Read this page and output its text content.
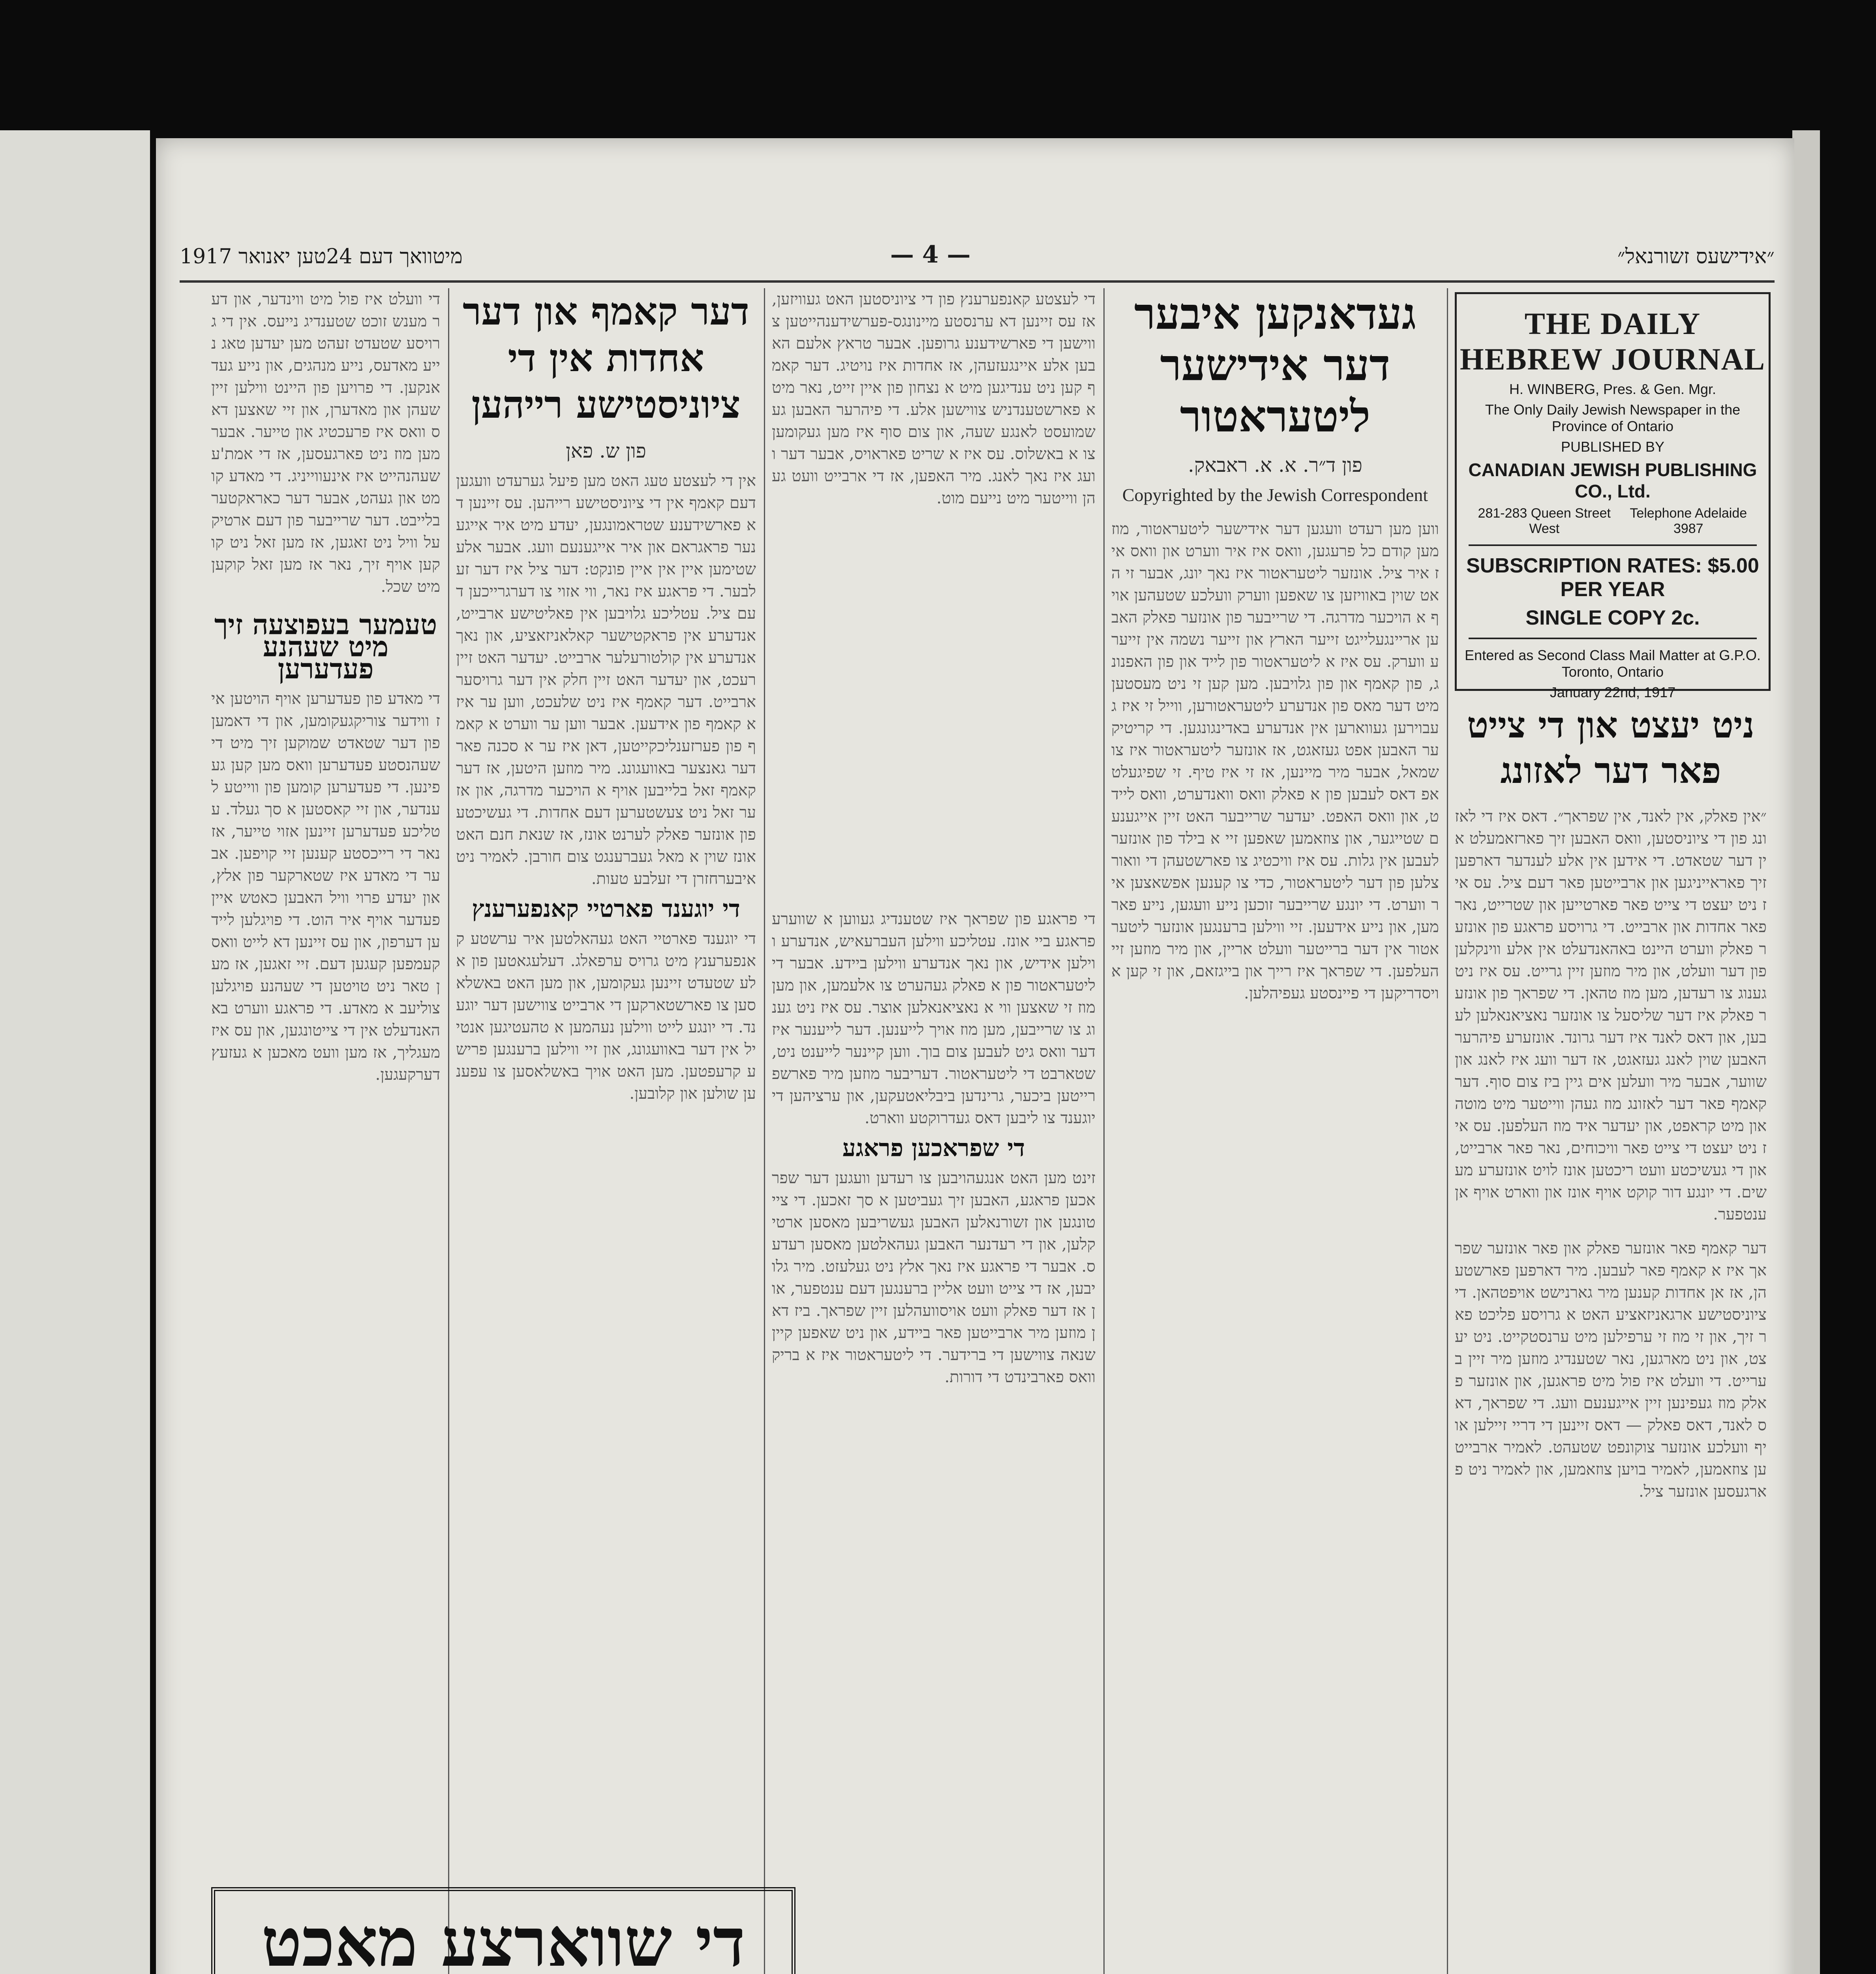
מיטוואך דעם 24טען יאנואר 1917	— 4 —	״אידישעס זשורנאל״
THE DAILY HEBREW JOURNAL
H. WINBERG, Pres. & Gen. Mgr.
The Only Daily Jewish Newspaper in the Province of Ontario
PUBLISHED BY
CANADIAN JEWISH PUBLISHING CO., Ltd.
281-283 Queen Street West
Telephone Adelaide 3987
SUBSCRIPTION RATES: $5.00 PER YEAR
SINGLE COPY 2c.
Entered as Second Class Mail Matter at G.P.O. Toronto, Ontario
January 22nd, 1917
ניט יעצט און די צייט פאר דער לאזונג
״אין פאלק, אין לאנד, אין שפראך״. דאס איז די לאזונג פון די ציוניסטען, וואס האבען זיך פארזאמעלט אין דער שטאדט. די אידען אין אלע לענדער דארפען זיך פאראייניגען און ארבייטען פאר דעם ציל. עס איז ניט יעצט די צייט פאר פארטייען און שטרייט, נאר פאר אחדות און ארבייט. די גרויסע פראגע פון אונזער פאלק ווערט היינט באהאנדעלט אין אלע ווינקלען פון דער וועלט, און מיר מוזען זיין גרייט. עס איז ניט גענוג צו רעדען, מען מוז טהאן. די שפראך פון אונזער פאלק איז דער שליסעל צו אונזער נאציאנאלען לעבען, און דאס לאנד איז דער גרונד. אונזערע פיהרער האבען שוין לאנג געזאגט, אז דער וועג איז לאנג און שווער, אבער מיר וועלען אים גיין ביז צום סוף. דער קאמף פאר דער לאזונג מוז געהן ווייטער מיט מוטה און מיט קראפט, און יעדער איד מוז העלפען. עס איז ניט יעצט די צייט פאר וויכוחים, נאר פאר ארבייט, און די געשיכטע וועט ריכטען אונז לויט אונזערע מעשים. די יונגע דור קוקט אויף אונז און ווארט אויף אן ענטפער.
דער קאמף פאר אונזער פאלק און פאר אונזער שפראך איז א קאמף פאר לעבען. מיר דארפען פארשטעהן, אז אן אחדות קענען מיר גארנישט אויפטהאן. די ציוניסטישע ארגאניזאציע האט א גרויסע פליכט פאר זיך, און זי מוז זי ערפילען מיט ערנסטקייט. ניט יעצט, און ניט מארגען, נאר שטענדיג מוזען מיר זיין בערייט. די וועלט איז פול מיט פראגען, און אונזער פאלק מוז געפינען זיין אייגענעם וועג. די שפראך, דאס לאנד, דאס פאלק — דאס זיינען די דריי זיילען אויף וועלכע אונזער צוקונפט שטעהט. לאמיר ארבייטען צוזאמען, לאמיר בויען צוזאמען, און לאמיר ניט פארגעסען אונזער ציל.
געדאנקען איבער דער אידישער ליטעראטור
פון ד״ר. א. א. ראבאק.
Copyrighted by the Jewish Correspondent
ווען מען רעדט וועגען דער אידישער ליטעראטור, מוז מען קודם כל פרעגען, וואס איז איר ווערט און וואס איז איר ציל. אונזער ליטעראטור איז נאך יונג, אבער זי האט שוין באוויזען צו שאפען ווערק וועלכע שטעהען אויף א הויכער מדרגה. די שרייבער פון אונזער פאלק האבען אריינגעלייגט זייער הארץ און זייער נשמה אין זייערע ווערק. עס איז א ליטעראטור פון לייד און פון האפנונג, פון קאמף און פון גלויבען. מען קען זי ניט מעסטען מיט דער מאס פון אנדערע ליטעראטורען, ווייל זי איז געבוירען געווארען אין אנדערע באדינגונגען. די קריטיקער האבען אפט געזאגט, אז אונזער ליטעראטור איז צו שמאל, אבער מיר מיינען, אז זי איז טיף. זי שפיגעלט אפ דאס לעבען פון א פאלק וואס וואנדערט, וואס ליידט, און וואס האפט. יעדער שרייבער האט זיין אייגענעם שטייגער, און צוזאמען שאפען זיי א בילד פון אונזער לעבען אין גלות. עס איז וויכטיג צו פארשטעהן די וואורצלען פון דער ליטעראטור, כדי צו קענען אפשאצען איר ווערט. די יונגע שרייבער זוכען נייע וועגען, נייע פארמען, און נייע אידעען. זיי ווילען ברענגען אונזער ליטעראטור אין דער ברייטער וועלט אריין, און מיר מוזען זיי העלפען. די שפראך איז רייך און בייגזאם, און זי קען אויסדריקען די פיינסטע געפיהלען.
די פראגע פון שפראך איז שטענדיג געווען א שווערע פראגע ביי אונז. עטליכע ווילען העברעאיש, אנדערע ווילען אידיש, און נאך אנדערע ווילען ביידע. אבער די ליטעראטור פון א פאלק געהערט צו אלעמען, און מען מוז זי שאצען ווי א נאציאנאלען אוצר. עס איז ניט גענוג צו שרייבען, מען מוז אויך לייענען. דער לייענער איז דער וואס גיט לעבען צום בוך. ווען קיינער לייענט ניט, שטארבט די ליטעראטור. דעריבער מוזען מיר פארשפרייטען ביכער, גרינדען ביבליאטעקען, און ערציהען די יוגענד צו ליבען דאס געדרוקטע ווארט.
די שפראכען פראגע
זינט מען האט אנגעהויבען צו רעדען וועגען דער שפראכען פראגע, האבען זיך געביטען א סך זאכען. די צייטונגען און זשורנאלען האבען געשריבען מאסען ארטיקלען, און די רעדנער האבען געהאלטען מאסען רעדעס. אבער די פראגע איז נאך אלץ ניט געלעזט. מיר גלויבען, אז די צייט וועט אליין ברענגען דעם ענטפער, און אז דער פאלק וועט אויסוועהלען זיין שפראך. ביז דאן מוזען מיר ארבייטען פאר ביידע, און ניט שאפען קיין שנאה צווישען די ברידער. די ליטעראטור איז א בריק וואס פארבינדט די דורות.
די לעצטע קאנפערענץ פון די ציוניסטען האט געוויזען, אז עס זיינען דא ערנסטע מיינונגס-פערשידענהייטען צווישען די פארשידענע גרופען. אבער טראץ אלעם האבען אלע איינגעזעהן, אז אחדות איז נויטיג. דער קאמף קען ניט ענדיגען מיט א נצחון פון איין זייט, נאר מיט א פארשטענדניש צווישען אלע. די פיהרער האבען געשמועסט לאנגע שעה, און צום סוף איז מען געקומען צו א באשלוס. עס איז א שריט פאראויס, אבער דער וועג איז נאך לאנג. מיר האפען, אז די ארבייט וועט געהן ווייטער מיט נייעם מוט.
דער קאמף און דער אחדות אין די ציוניסטישע רייהען
פון ש. פאן
אין די לעצטע טעג האט מען פיעל גערעדט וועגען דעם קאמף אין די ציוניסטישע רייהען. עס זיינען דא פארשידענע שטראמונגען, יעדע מיט איר אייגענער פראגראם און איר אייגענעם וועג. אבער אלע שטימען איין אין איין פונקט: דער ציל איז דער זעלבער. די פראגע איז נאר, ווי אזוי צו דערגרייכען דעם ציל. עטליכע גלויבען אין פאליטישע ארבייט, אנדערע אין פראקטישער קאלאניזאציע, און נאך אנדערע אין קולטורעלער ארבייט. יעדער האט זיין רעכט, און יעדער האט זיין חלק אין דער גרויסער ארבייט. דער קאמף איז ניט שלעכט, ווען ער איז א קאמף פון אידעען. אבער ווען ער ווערט א קאמף פון פערזענליכקייטען, דאן איז ער א סכנה פאר דער גאנצער באוועגונג. מיר מוזען היטען, אז דער קאמף זאל בלייבען אויף א הויכער מדרגה, און אז ער זאל ניט צעשטערען דעם אחדות. די געשיכטע פון אונזער פאלק לערנט אונז, אז שנאת חנם האט אונז שוין א מאל געברענגט צום חורבן. לאמיר ניט איבערחזרן די זעלבע טעות.
די יוגענד פארטיי קאנפערענץ
די יוגענד פארטיי האט געהאלטען איר ערשטע קאנפערענץ מיט גרויס ערפאלג. דעלעגאטען פון אלע שטעדט זיינען געקומען, און מען האט באשלאסען צו פארשטארקען די ארבייט צווישען דער יוגענד. די יונגע לייט ווילען נעהמען א טהעטיגען אנטייל אין דער באוועגונג, און זיי ווילען ברענגען פרישע קרעפטען. מען האט אויך באשלאסען צו עפענען שולען און קלובען.
די וועלט איז פול מיט ווינדער, און דער מענש זוכט שטענדיג נייעס. אין די גרויסע שטעדט זעהט מען יעדען טאג נייע מאדעס, נייע מנהגים, און נייע געדאנקען. די פרויען פון היינט ווילען זיין שעהן און מאדערן, און זיי שאצען דאס וואס איז פרעכטיג און טייער. אבער מען מוז ניט פארגעסען, אז די אמת'ע שעהנהייט איז אינעווייניג. די מאדע קומט און געהט, אבער דער כאראקטער בלייבט. דער שרייבער פון דעם ארטיקעל וויל ניט זאגען, אז מען זאל ניט קוקען אויף זיך, נאר אז מען זאל קוקען מיט שכל.
טעמער בעפוצעה זיך מיט שעהנע פעדערען
די מאדע פון פעדערען אויף הויטען איז ווידער צוריקגעקומען, און די דאמען פון דער שטאדט שמוקען זיך מיט די שעהנסטע פעדערען וואס מען קען געפינען. די פעדערען קומען פון ווייטע לענדער, און זיי קאסטען א סך געלד. עטליכע פעדערען זיינען אזוי טייער, אז נאר די רייכסטע קענען זיי קויפען. אבער די מאדע איז שטארקער פון אלץ, און יעדע פרוי וויל האבען כאטש איין פעדער אויף איר הוט. די פויגלען ליידען דערפון, און עס זיינען דא לייט וואס קעמפען קעגען דעם. זיי זאגען, אז מען טאר ניט טויטען די שעהנע פויגלען צוליעב א מאדע. די פראגע ווערט באהאנדעלט אין די צייטונגען, און עס איז מעגליך, אז מען וועט מאכען א געזעץ דערקעגען.
די שווארצע מאכט
